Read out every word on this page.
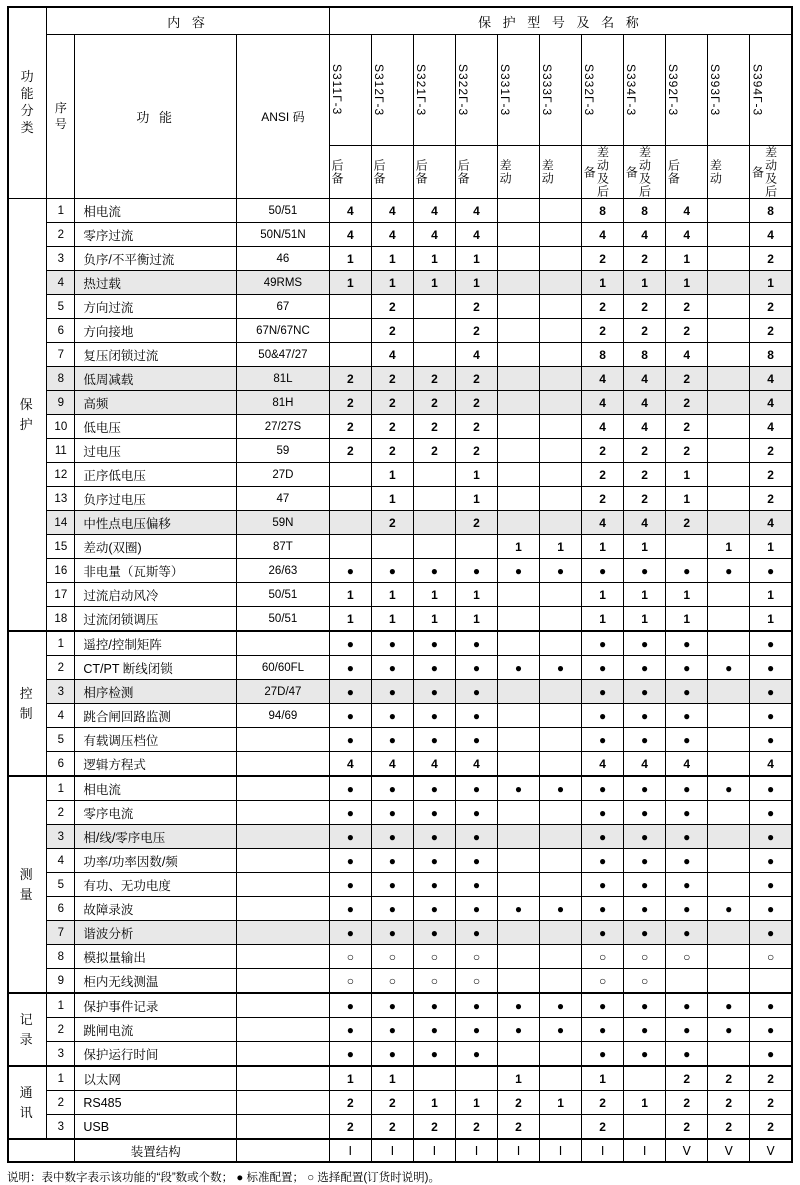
功
能
分
类	内 容			保 护 型 号 及 名 称										

	序
号	功 能	ANSI 码	S311Г-3	S312Г-3	S321Г-3	S322Г-3	S331Г-3	S333Г-3	S332Г-3	S334Г-3	S392Г-3	S393Г-3	S394Г-3

				后备	后备	后备	后备	差动	差动	差动及后备	差动及后备	后备	差动	差动及后备

保
护	1	相电流	50/51	4	4	4	4			8	8	4		8
	2	零序过流	50N/51N	4	4	4	4			4	4	4		4
	3	负序/不平衡过流	46	1	1	1	1			2	2	1		2
	4	热过载	49RMS	1	1	1	1			1	1	1		1
	5	方向过流	67		2		2			2	2	2		2
	6	方向接地	67N/67NC		2		2			2	2	2		2
	7	复压闭锁过流	50&47/27		4		4			8	8	4		8
	8	低周减载	81L	2	2	2	2			4	4	2		4
	9	高频	81H	2	2	2	2			4	4	2		4
	10	低电压	27/27S	2	2	2	2			4	4	2		4
	11	过电压	59	2	2	2	2			2	2	2		2
	12	正序低电压	27D		1		1			2	2	1		2
	13	负序过电压	47		1		1			2	2	1		2
	14	中性点电压偏移	59N		2		2			4	4	2		4
	15	差动(双圈)	87T					1	1	1	1		1	1
	16	非电量（瓦斯等）	26/63	●	●	●	●	●	●	●	●	●	●	●
	17	过流启动风冷	50/51	1	1	1	1			1	1	1		1
	18	过流闭锁调压	50/51	1	1	1	1			1	1	1		1

控
制	1	遥控/控制矩阵		●	●	●	●			●	●	●		●
	2	CT/PT 断线闭锁	60/60FL	●	●	●	●	●	●	●	●	●	●	●
	3	相序检测	27D/47	●	●	●	●			●	●	●		●
	4	跳合闸回路监测	94/69	●	●	●	●			●	●	●		●
	5	有载调压档位		●	●	●	●			●	●	●		●
	6	逻辑方程式		4	4	4	4			4	4	4		4

测
量	1	相电流		●	●	●	●	●	●	●	●	●	●	●
	2	零序电流		●	●	●	●			●	●	●		●
	3	相/线/零序电压		●	●	●	●			●	●	●		●
	4	功率/功率因数/频		●	●	●	●			●	●	●		●
	5	有功、无功电度		●	●	●	●			●	●	●		●
	6	故障录波		●	●	●	●	●	●	●	●	●	●	●
	7	谐波分析		●	●	●	●			●	●	●		●
	8	模拟量输出		○	○	○	○			○	○	○		○
	9	柜内无线测温		○	○	○	○			○	○			

记
录	1	保护事件记录		●	●	●	●	●	●	●	●	●	●	●
	2	跳闸电流		●	●	●	●	●	●	●	●	●	●	●
	3	保护运行时间		●	●	●	●			●	●	●		●

通
讯	1	以太网		1	1			1		1		2	2	2
	2	RS485		2	2	1	1	2	1	2	1	2	2	2
	3	USB		2	2	2	2	2		2		2	2	2
		装置结构		Ⅰ	Ⅰ	Ⅰ	Ⅰ	Ⅰ	Ⅰ	Ⅰ	Ⅰ	Ⅴ	Ⅴ	Ⅴ
说明：表中数字表示该功能的“段”数或个数； ● 标准配置； ○ 选择配置(订货时说明)。
